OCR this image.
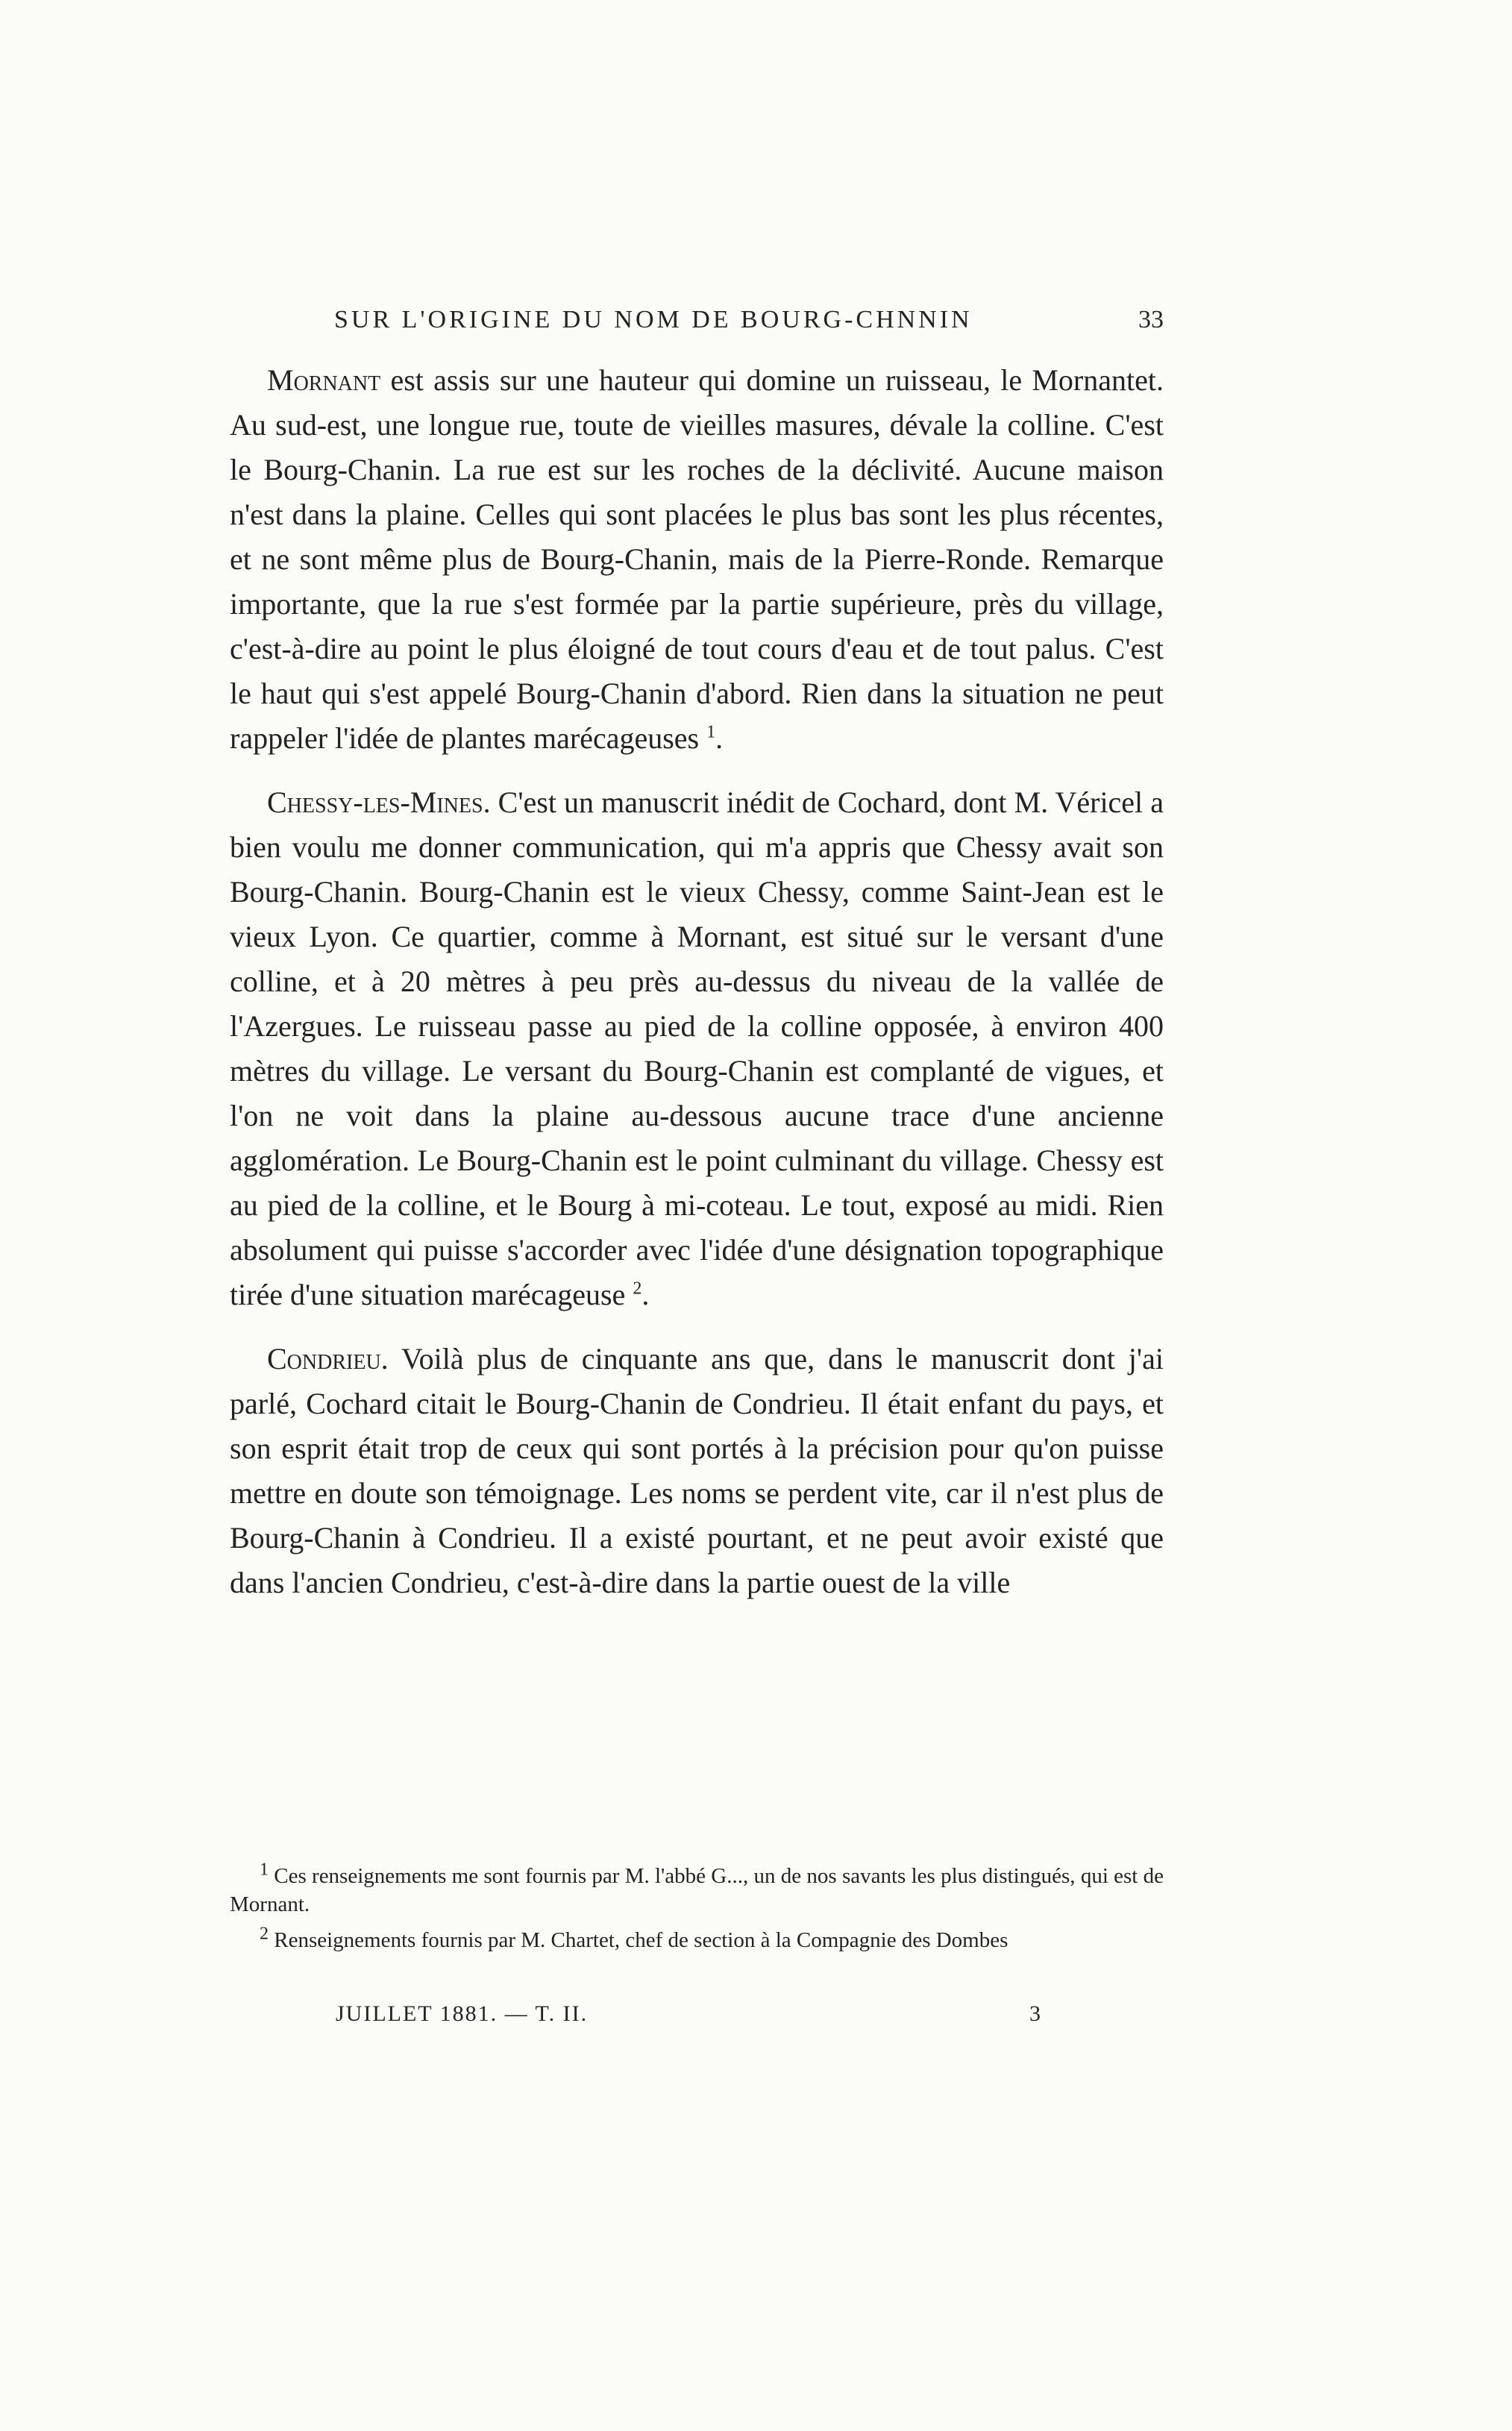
SUR L'ORIGINE DU NOM DE BOURG-CHNNIN	33

Mornant est assis sur une hauteur qui domine un ruisseau, le Mornantet. Au sud-est, une longue rue, toute de vieilles masures, dévale la colline. C'est le Bourg-Chanin. La rue est sur les roches de la déclivité. Aucune maison n'est dans la plaine. Celles qui sont placées le plus bas sont les plus récentes, et ne sont même plus de Bourg-Chanin, mais de la Pierre-Ronde. Remarque importante, que la rue s'est formée par la partie supérieure, près du village, c'est-à-dire au point le plus éloigné de tout cours d'eau et de tout palus. C'est le haut qui s'est appelé Bourg-Chanin d'abord. Rien dans la situation ne peut rappeler l'idée de plantes marécageuses $^1$.

Chessy-les-Mines. C'est un manuscrit inédit de Cochard, dont M. Véricel a bien voulu me donner communication, qui m'a appris que Chessy avait son Bourg-Chanin. Bourg-Chanin est le vieux Chessy, comme Saint-Jean est le vieux Lyon. Ce quartier, comme à Mornant, est situé sur le versant d'une colline, et à 20 mètres à peu près au-dessus du niveau de la vallée de l'Azergues. Le ruisseau passe au pied de la colline opposée, à environ 400 mètres du village. Le versant du Bourg-Chanin est complanté de vigues, et l'on ne voit dans la plaine au-dessous aucune trace d'une ancienne agglomération. Le Bourg-Chanin est le point culminant du village. Chessy est au pied de la colline, et le Bourg à mi-coteau. Le tout, exposé au midi. Rien absolument qui puisse s'accorder avec l'idée d'une désignation topographique tirée d'une situation marécageuse $^2$.

Condrieu. Voilà plus de cinquante ans que, dans le manuscrit dont j'ai parlé, Cochard citait le Bourg-Chanin de Condrieu. Il était enfant du pays, et son esprit était trop de ceux qui sont portés à la précision pour qu'on puisse mettre en doute son témoignage. Les noms se perdent vite, car il n'est plus de Bourg-Chanin à Condrieu. Il a existé pourtant, et ne peut avoir existé que dans l'ancien Condrieu, c'est-à-dire dans la partie ouest de la ville

$^1$ Ces renseignements me sont fournis par M. l'abbé G..., un de nos savants les plus distingués, qui est de Mornant.

$^2$ Renseignements fournis par M. Chartet, chef de section à la Compagnie des Dombes

JUILLET 1881. — T. II.	3
